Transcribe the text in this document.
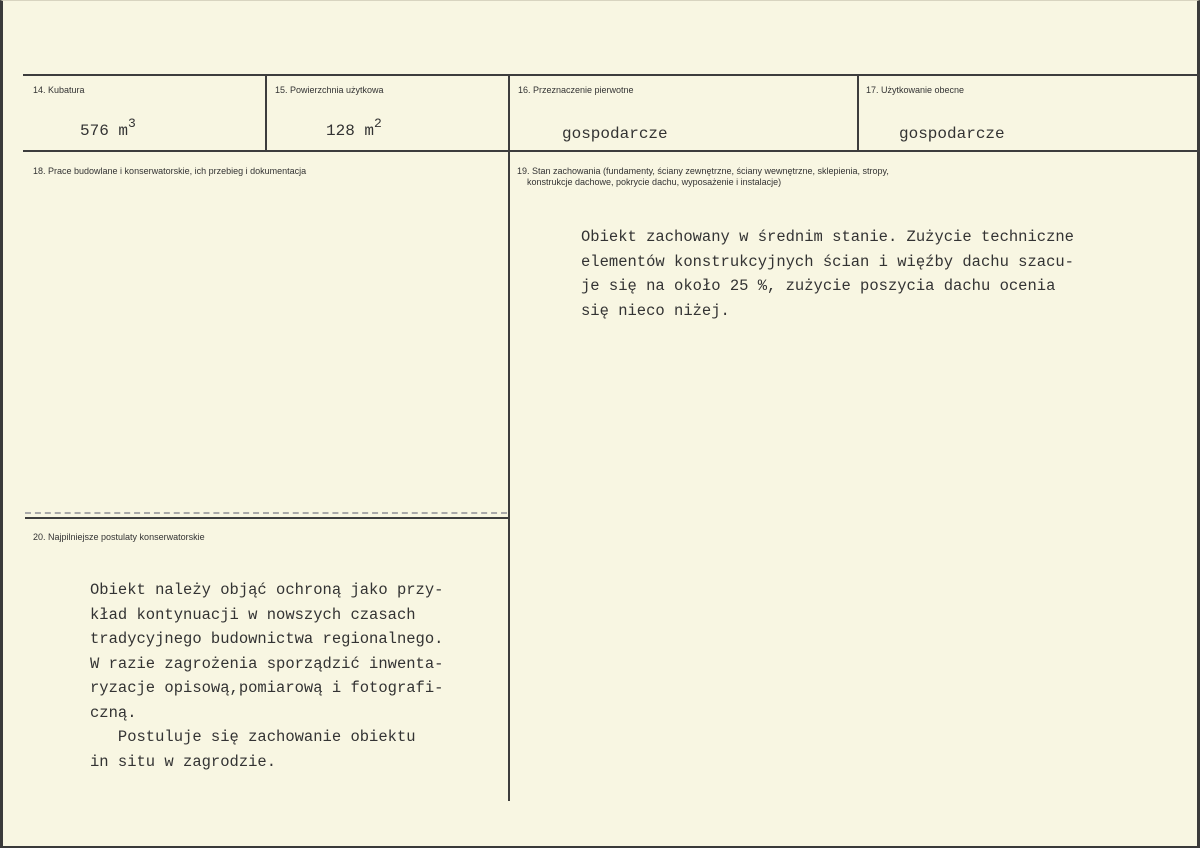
14. Kubatura
576 $m^3$
15. Powierzchnia użytkowa
128 $m^2$
16. Przeznaczenie pierwotne
gospodarcze
17. Użytkowanie obecne
gospodarcze
18. Prace budowlane i konserwatorskie, ich przebieg i dokumentacja	19. Stan zachowania (fundamenty, ściany zewnętrzne, ściany wewnętrzne, sklepienia, stropy,
konstrukcje dachowe, pokrycie dachu, wyposażenie i instalacje)
Obiekt zachowany w średnim stanie. Zużycie techniczne
elementów konstrukcyjnych ścian i więźby dachu szacu-
je się na około 25 %, zużycie poszycia dachu ocenia
się nieco niżej.
20. Najpilniejsze postulaty konserwatorskie
Obiekt należy objąć ochroną jako przy-
kład kontynuacji w nowszych czasach
tradycyjnego budownictwa regionalnego.
W razie zagrożenia sporządzić inwenta-
ryzacje opisową,pomiarową i fotografi-
czną.
Postuluje się zachowanie obiektu
in situ w zagrodzie.
